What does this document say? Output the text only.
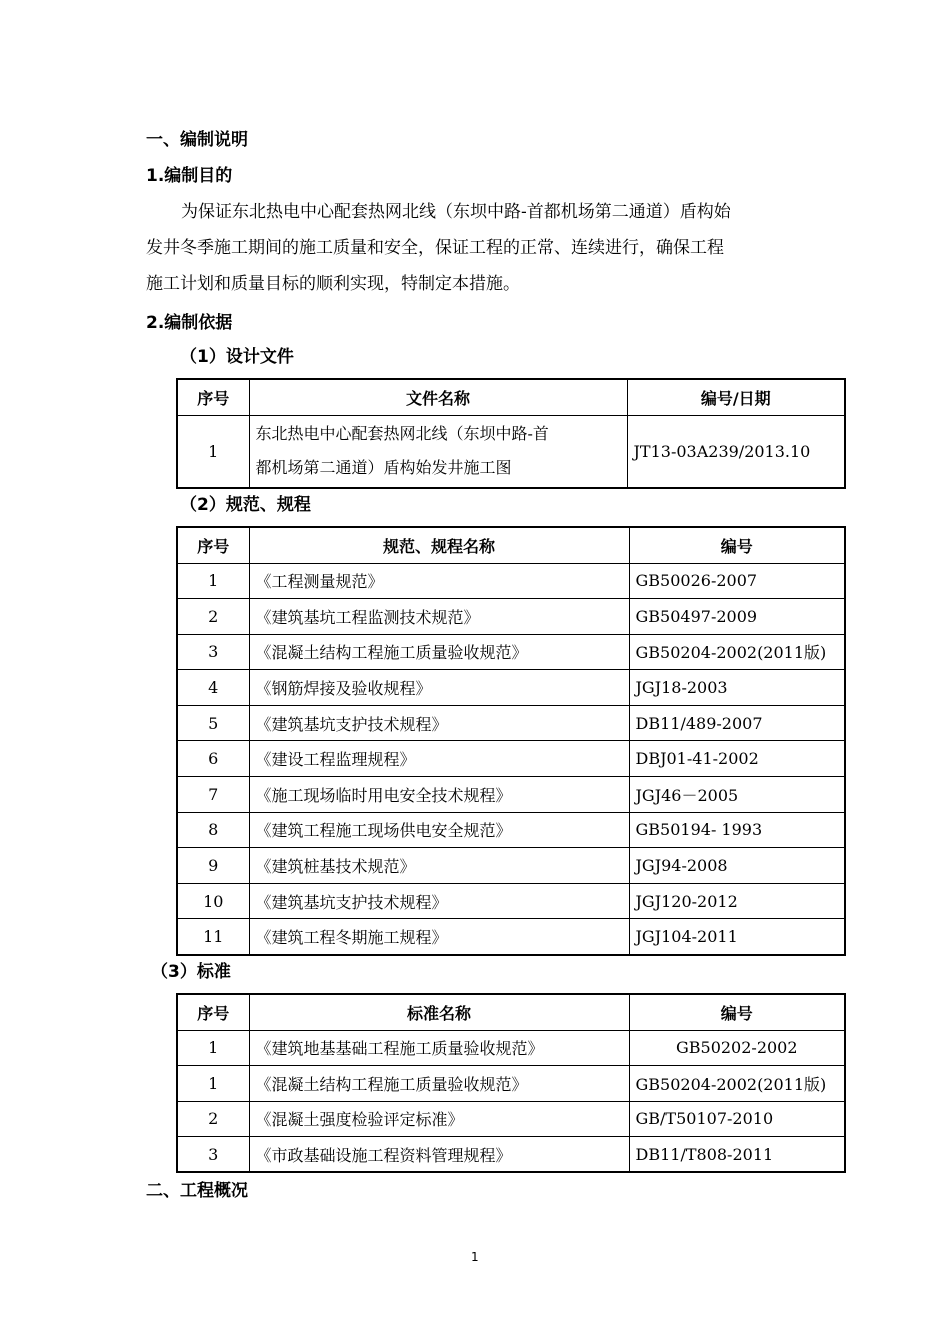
一、编制说明
1.编制目的
为保证东北热电中心配套热网北线（东坝中路-首都机场第二通道）盾构始
发井冬季施工期间的施工质量和安全，保证工程的正常、连续进行，确保工程
施工计划和质量目标的顺利实现，特制定本措施。
2.编制依据
（1）设计文件
序号	文件名称	编号/日期
1	东北热电中心配套热网北线（东坝中路-首
都机场第二通道）盾构始发井施工图	JT13-03A239/2013.10
（2）规范、规程
序号	规范、规程名称	编号
1	《工程测量规范》	GB50026-2007
2	《建筑基坑工程监测技术规范》	GB50497-2009
3	《混凝土结构工程施工质量验收规范》	GB50204-2002(2011版)
4	《钢筋焊接及验收规程》	JGJ18-2003
5	《建筑基坑支护技术规程》	DB11/489-2007
6	《建设工程监理规程》	DBJ01-41-2002
7	《施工现场临时用电安全技术规程》	JGJ46－2005
8	《建筑工程施工现场供电安全规范》	GB50194- 1993
9	《建筑桩基技术规范》	JGJ94-2008
10	《建筑基坑支护技术规程》	JGJ120-2012
11	《建筑工程冬期施工规程》	JGJ104-2011
（3）标准
序号	标准名称	编号
1	《建筑地基基础工程施工质量验收规范》	GB50202-2002
1	《混凝土结构工程施工质量验收规范》	GB50204-2002(2011版)
2	《混凝土强度检验评定标准》	GB/T50107-2010
3	《市政基础设施工程资料管理规程》	DB11/T808-2011
二、工程概况
1
